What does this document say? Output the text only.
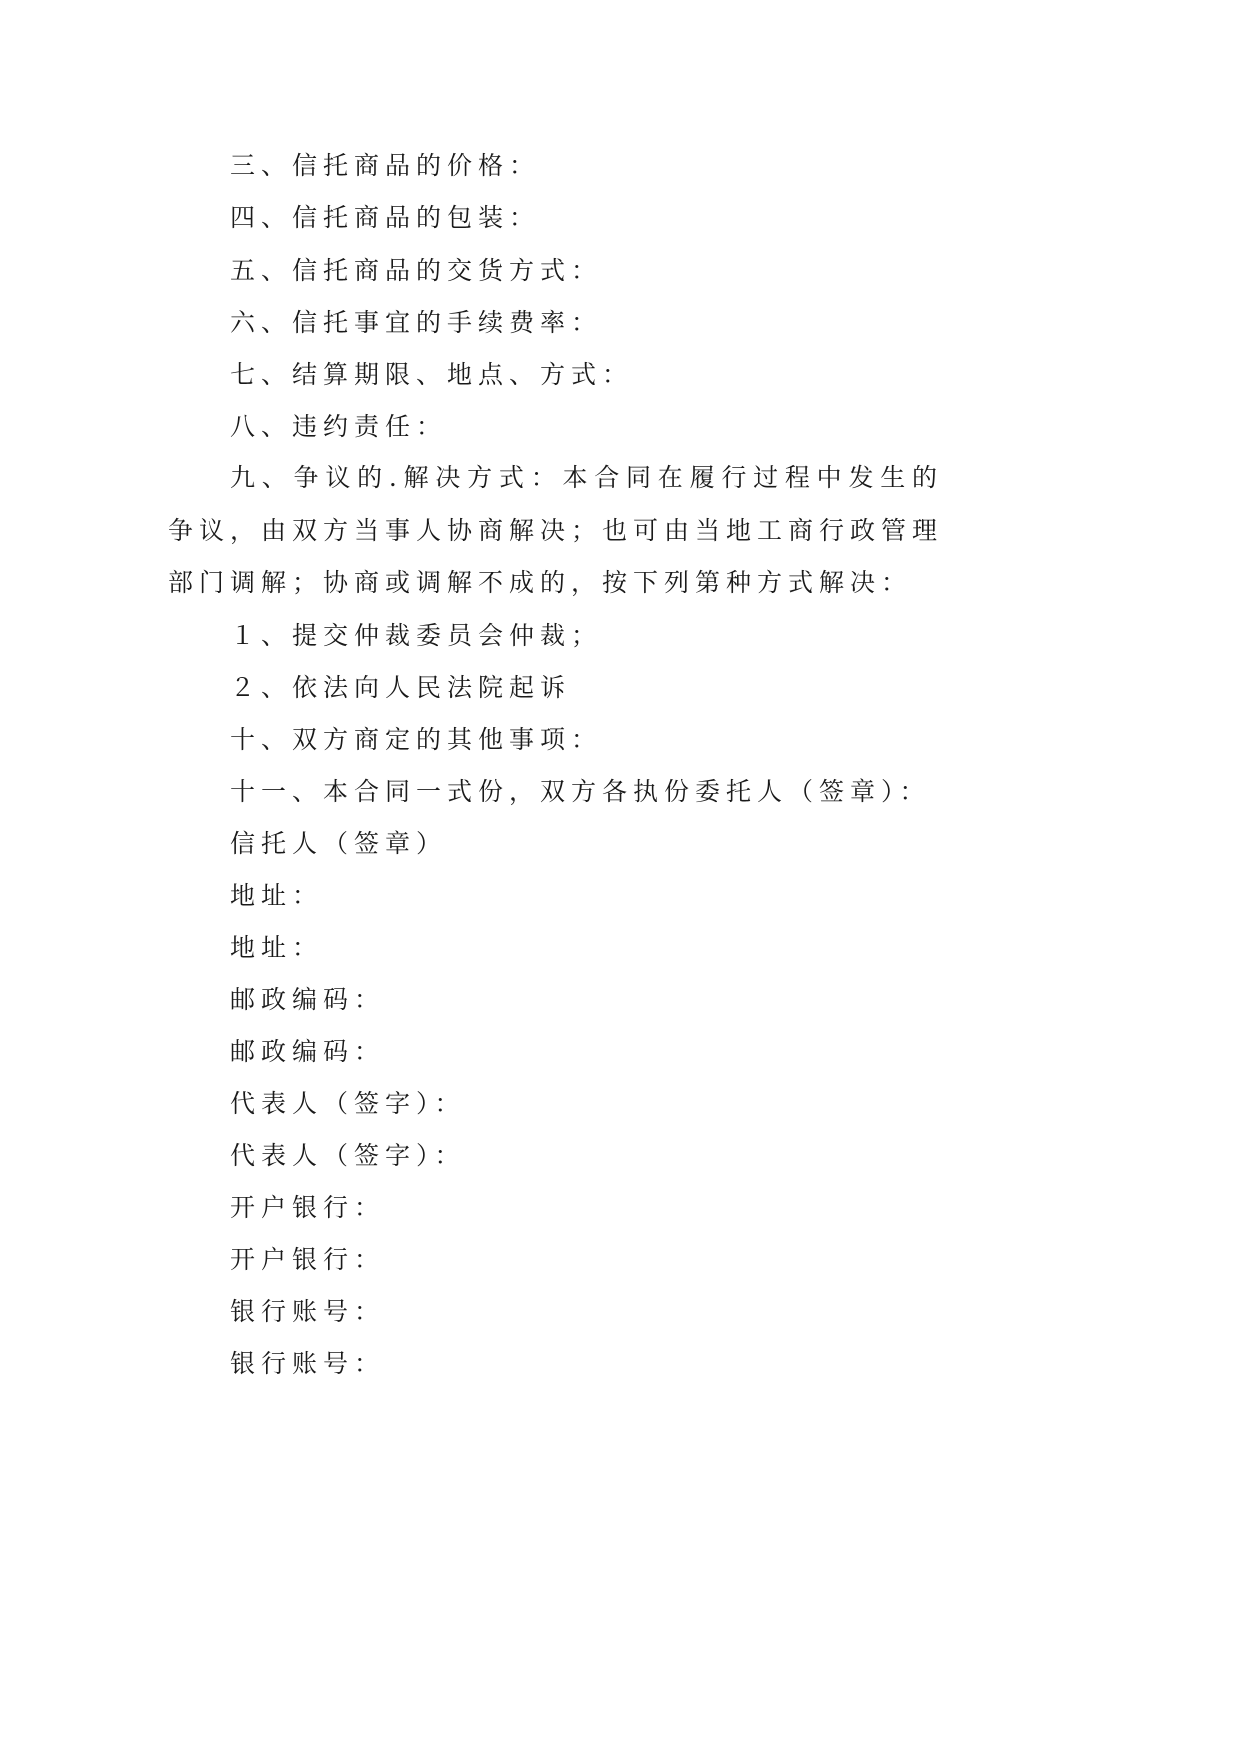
三、信托商品的价格：
四、信托商品的包装：
五、信托商品的交货方式：
六、信托事宜的手续费率：
七、结算期限、地点、方式：
八、违约责任：
九、争议的.解决方式：本合同在履行过程中发生的争议，由双方当事人协商解决；也可由当地工商行政管理部门调解；协商或调解不成的，按下列第种方式解决：
１、提交仲裁委员会仲裁；
２、依法向人民法院起诉
十、双方商定的其他事项：
十一、本合同一式份，双方各执份委托人（签章）：
信托人（签章）
地址：
地址：
邮政编码：
邮政编码：
代表人（签字）：
代表人（签字）：
开户银行：
开户银行：
银行账号：
银行账号：
